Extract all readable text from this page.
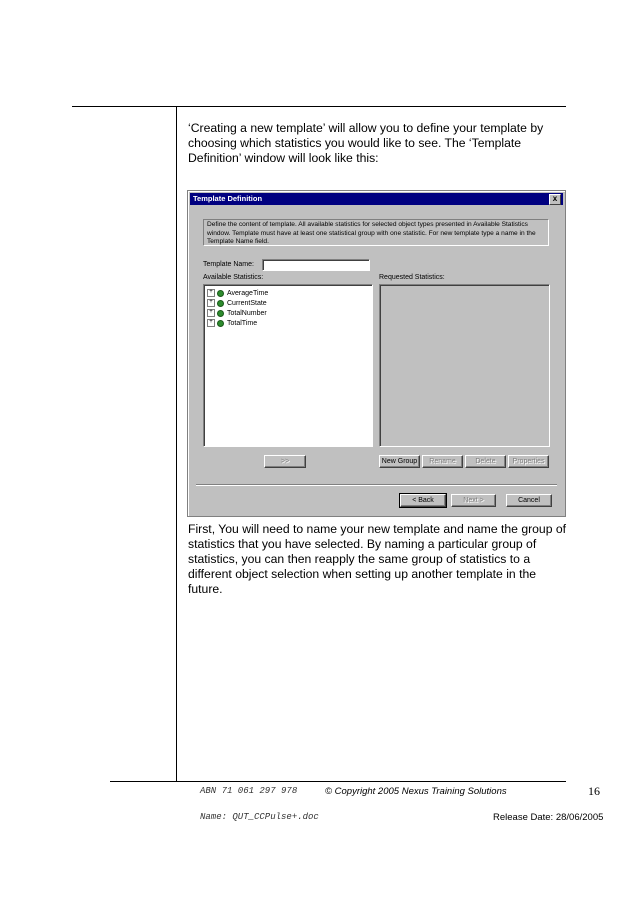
‘Creating a new template’ will allow you to define your template by choosing which statistics you would like to see. The ‘Template Definition’ window will look like this:

Template Definition	x
Define the content of template. All available statistics for selected object types presented in Available Statistics window. Template must have at least one statistical group with one statistic. For new template type a name in the Template Name field.
Template Name:
Available Statistics:	Requested Statistics:
+	AverageTime
+	CurrentState
+	TotalNumber
+	TotalTime
>>	New Group	Rename	Delete	Properties
< Back	Next >	Cancel

First, You will need to name your new template and name the group of statistics that you have selected. By naming a particular group of statistics, you can then reapply the same group of statistics to a different object selection when setting up another template in the future.

ABN 71 061 297 978	© Copyright 2005 Nexus Training Solutions	16
Name: QUT_CCPulse+.doc	Release Date: 28/06/2005
